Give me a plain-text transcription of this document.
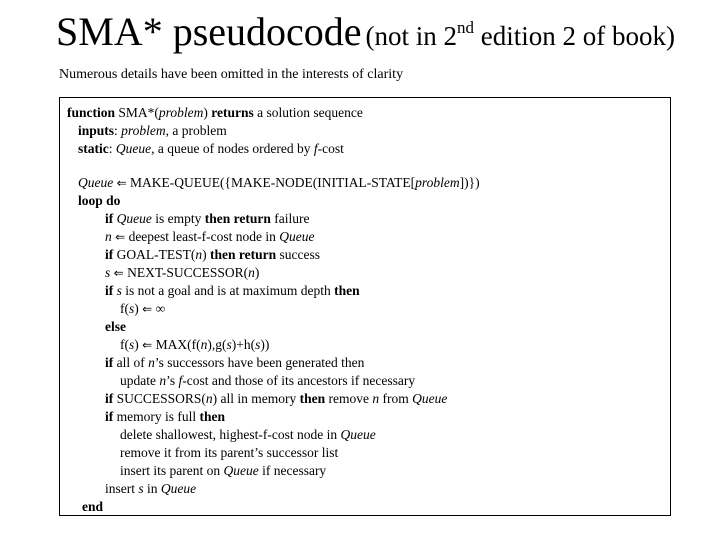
SMA* pseudocode (not in 2nd edition 2 of book)
Numerous details have been omitted in the interests of clarity
function SMA*(problem) returns a solution sequence
inputs: problem, a problem
static: Queue, a queue of nodes ordered by f-cost
Queue ⇐ MAKE-QUEUE({MAKE-NODE(INITIAL-STATE[problem])})
loop do
if Queue is empty then return failure
n ⇐ deepest least-f-cost node in Queue
if GOAL-TEST(n) then return success
s ⇐ NEXT-SUCCESSOR(n)
if s is not a goal and is at maximum depth then
f(s) ⇐ ∞
else
f(s) ⇐ MAX(f(n),g(s)+h(s))
if all of n’s successors have been generated then
update n’s f-cost and those of its ancestors if necessary
if SUCCESSORS(n) all in memory then remove n from Queue
if memory is full then
delete shallowest, highest-f-cost node in Queue
remove it from its parent’s successor list
insert its parent on Queue if necessary
insert s in Queue
end
